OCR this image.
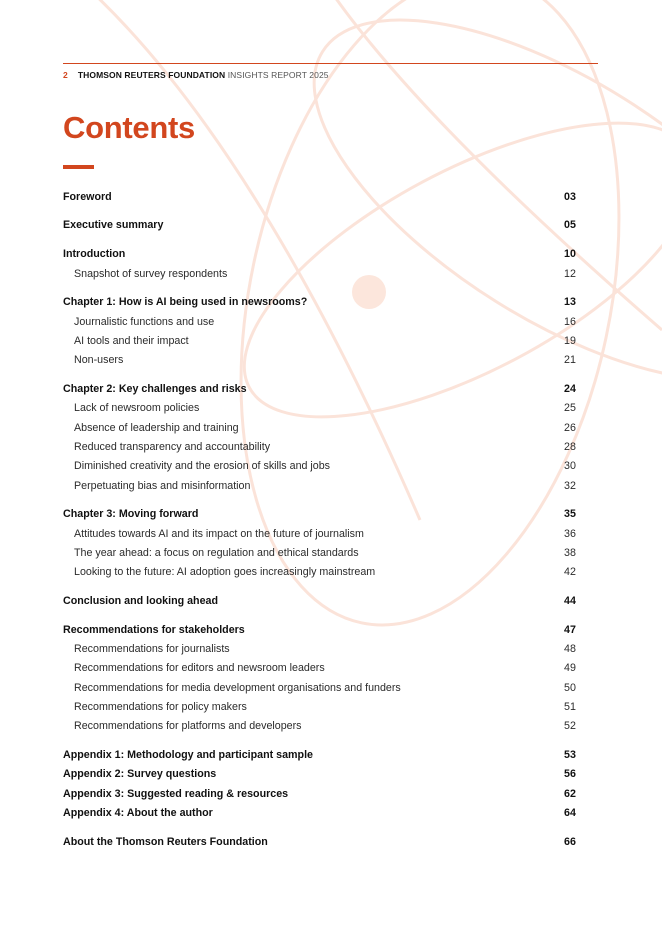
2 THOMSON REUTERS FOUNDATION INSIGHTS REPORT 2025
Contents
Foreword	03
Executive summary	05
Introduction	10
Snapshot of survey respondents	12
Chapter 1: How is AI being used in newsrooms?	13
Journalistic functions and use	16
AI tools and their impact	19
Non-users	21
Chapter 2: Key challenges and risks	24
Lack of newsroom policies	25
Absence of leadership and training	26
Reduced transparency and accountability	28
Diminished creativity and the erosion of skills and jobs	30
Perpetuating bias and misinformation	32
Chapter 3: Moving forward	35
Attitudes towards AI and its impact on the future of journalism	36
The year ahead: a focus on regulation and ethical standards	38
Looking to the future: AI adoption goes increasingly mainstream	42
Conclusion and looking ahead	44
Recommendations for stakeholders	47
Recommendations for journalists	48
Recommendations for editors and newsroom leaders	49
Recommendations for media development organisations and funders	50
Recommendations for policy makers	51
Recommendations for platforms and developers	52
Appendix 1: Methodology and participant sample	53
Appendix 2: Survey questions	56
Appendix 3: Suggested reading & resources	62
Appendix 4: About the author	64
About the Thomson Reuters Foundation	66
